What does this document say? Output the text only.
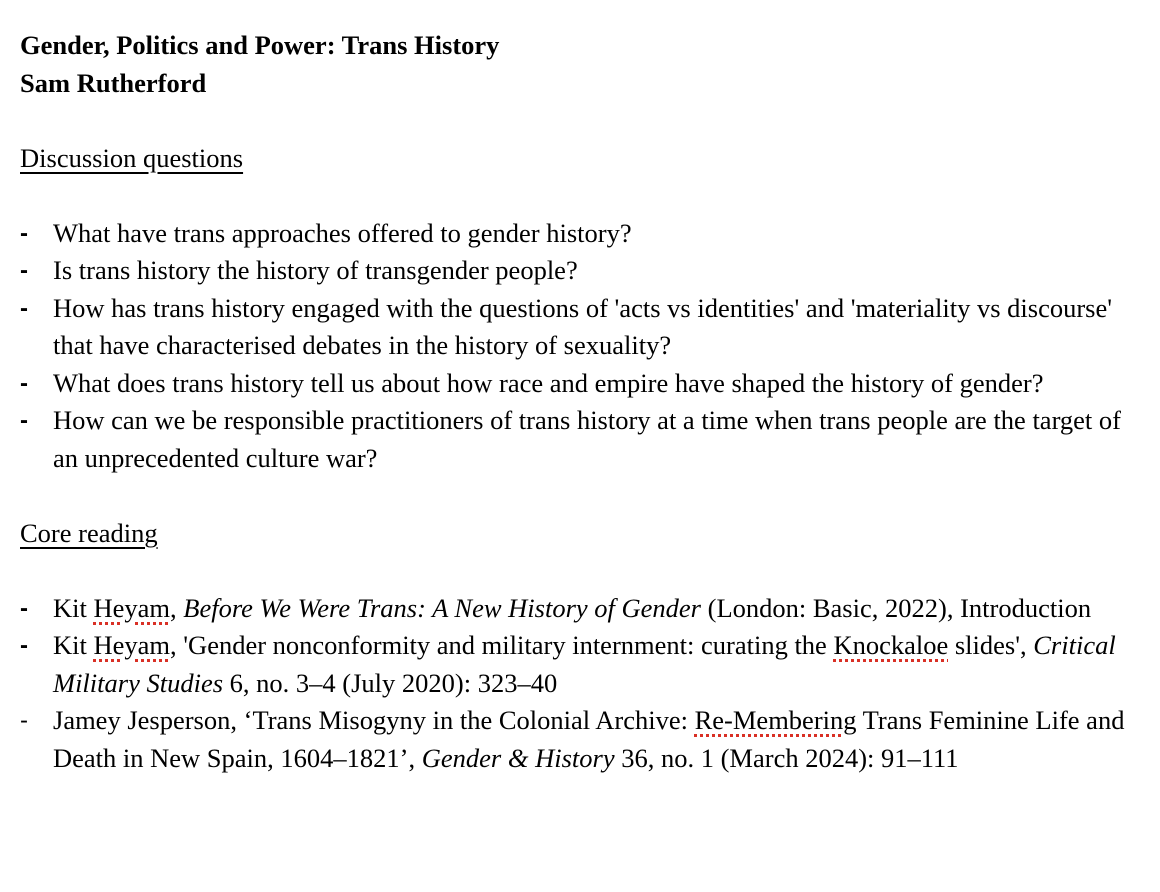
Gender, Politics and Power: Trans History
Sam Rutherford
Discussion questions
- What have trans approaches offered to gender history?
- Is trans history the history of transgender people?
- How has trans history engaged with the questions of 'acts vs identities' and 'materiality vs discourse' that have characterised debates in the history of sexuality?
- What does trans history tell us about how race and empire have shaped the history of gender?
- How can we be responsible practitioners of trans history at a time when trans people are the target of an unprecedented culture war?
Core reading
- Kit Heyam, Before We Were Trans: A New History of Gender (London: Basic, 2022), Introduction
- Kit Heyam, 'Gender nonconformity and military internment: curating the Knockaloe slides', Critical Military Studies 6, no. 3–4 (July 2020): 323–40
- Jamey Jesperson, ‘Trans Misogyny in the Colonial Archive: Re-Membering Trans Feminine Life and Death in New Spain, 1604–1821’, Gender & History 36, no. 1 (March 2024): 91–111
